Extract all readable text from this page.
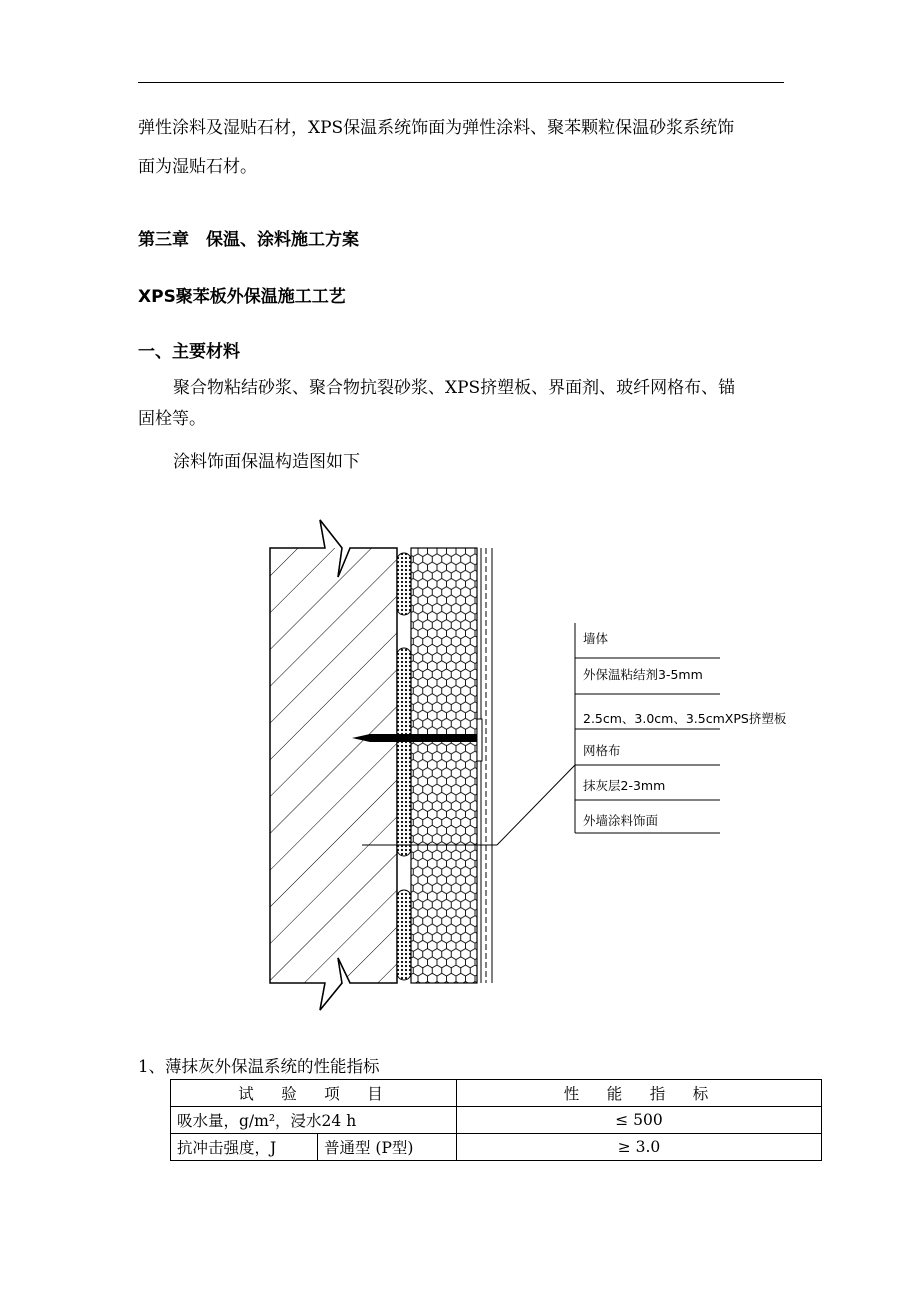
弹性涂料及湿贴石材，XPS保温系统饰面为弹性涂料、聚苯颗粒保温砂浆系统饰
面为湿贴石材。
第三章　保温、涂料施工方案
XPS聚苯板外保温施工工艺
一、主要材料
聚合物粘结砂浆、聚合物抗裂砂浆、XPS挤塑板、界面剂、玻纤网格布、锚
固栓等。
涂料饰面保温构造图如下
墙体
外保温粘结剂3-5mm
2.5cm、3.0cm、3.5cmXPS挤塑板
网格布
抹灰层2-3mm
外墙涂料饰面
1、薄抹灰外保温系统的性能指标
试　验　项　目		性　能　指　标
吸水量，g/m²，浸水24 h		≤ 500
抗冲击强度，J	普通型 (P型)	≥ 3.0
